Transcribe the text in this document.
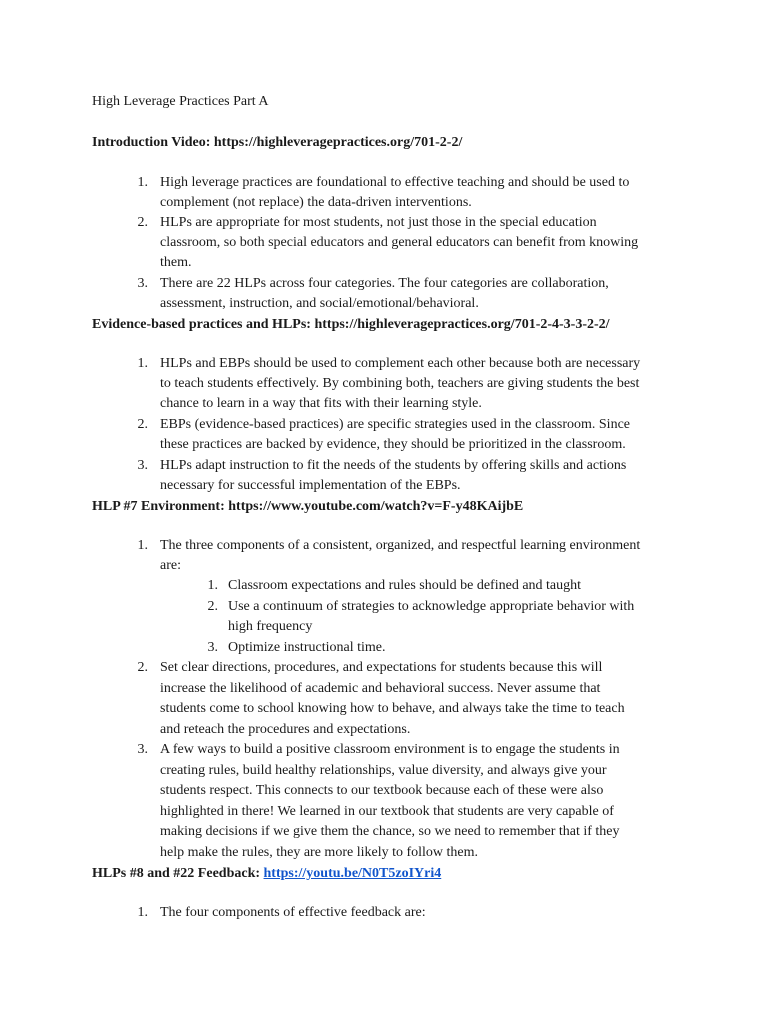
High Leverage Practices Part A
Introduction Video: https://highleveragepractices.org/701-2-2/
1. High leverage practices are foundational to effective teaching and should be used to
complement (not replace) the data-driven interventions.
2. HLPs are appropriate for most students, not just those in the special education
classroom, so both special educators and general educators can benefit from knowing
them.
3. There are 22 HLPs across four categories. The four categories are collaboration,
assessment, instruction, and social/emotional/behavioral.
Evidence-based practices and HLPs: https://highleveragepractices.org/701-2-4-3-3-2-2/
1. HLPs and EBPs should be used to complement each other because both are necessary
to teach students effectively. By combining both, teachers are giving students the best
chance to learn in a way that fits with their learning style.
2. EBPs (evidence-based practices) are specific strategies used in the classroom. Since
these practices are backed by evidence, they should be prioritized in the classroom.
3. HLPs adapt instruction to fit the needs of the students by offering skills and actions
necessary for successful implementation of the EBPs.
HLP #7 Environment: https://www.youtube.com/watch?v=F-y48KAijbE
1. The three components of a consistent, organized, and respectful learning environment
are:
1. Classroom expectations and rules should be defined and taught
2. Use a continuum of strategies to acknowledge appropriate behavior with
high frequency
3. Optimize instructional time.
2. Set clear directions, procedures, and expectations for students because this will
increase the likelihood of academic and behavioral success. Never assume that
students come to school knowing how to behave, and always take the time to teach
and reteach the procedures and expectations.
3. A few ways to build a positive classroom environment is to engage the students in
creating rules, build healthy relationships, value diversity, and always give your
students respect. This connects to our textbook because each of these were also
highlighted in there! We learned in our textbook that students are very capable of
making decisions if we give them the chance, so we need to remember that if they
help make the rules, they are more likely to follow them.
HLPs #8 and #22 Feedback: https://youtu.be/N0T5zoIYri4
1. The four components of effective feedback are:
